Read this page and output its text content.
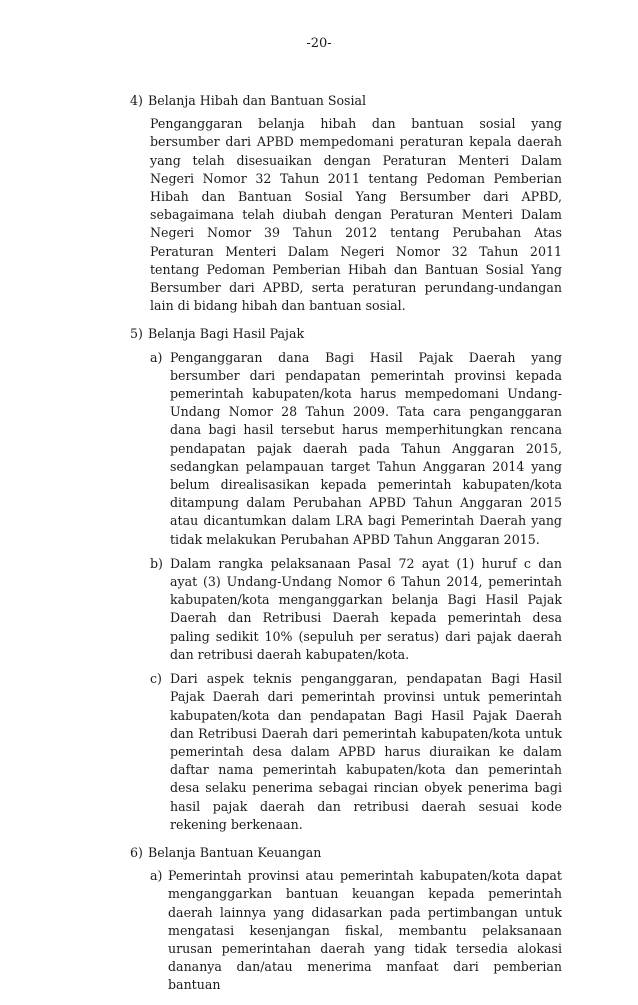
-20-
4) Belanja Hibah dan Bantuan Sosial
Penganggaran belanja hibah dan bantuan sosial yang bersumber dari APBD mempedomani peraturan kepala daerah yang telah disesuaikan dengan Peraturan Menteri Dalam Negeri Nomor 32 Tahun 2011 tentang Pedoman Pemberian Hibah dan Bantuan Sosial Yang Bersumber dari APBD, sebagaimana telah diubah dengan Peraturan Menteri Dalam Negeri Nomor 39 Tahun 2012 tentang Perubahan Atas Peraturan Menteri Dalam Negeri Nomor 32 Tahun 2011 tentang Pedoman Pemberian Hibah dan Bantuan Sosial Yang Bersumber dari APBD, serta peraturan perundang-undangan lain di bidang hibah dan bantuan sosial.
5) Belanja Bagi Hasil Pajak
a) Penganggaran dana Bagi Hasil Pajak Daerah yang bersumber dari pendapatan pemerintah provinsi kepada pemerintah kabupaten/kota harus mempedomani Undang-Undang Nomor 28 Tahun 2009. Tata cara penganggaran dana bagi hasil tersebut harus memperhitungkan rencana pendapatan pajak daerah pada Tahun Anggaran 2015, sedangkan pelampauan target Tahun Anggaran 2014 yang belum direalisasikan kepada pemerintah kabupaten/kota ditampung dalam Perubahan APBD Tahun Anggaran 2015 atau dicantumkan dalam LRA bagi Pemerintah Daerah yang tidak melakukan Perubahan APBD Tahun Anggaran 2015.
b) Dalam rangka pelaksanaan Pasal 72 ayat (1) huruf c dan ayat (3) Undang-Undang Nomor 6 Tahun 2014, pemerintah kabupaten/kota menganggarkan belanja Bagi Hasil Pajak Daerah dan Retribusi Daerah kepada pemerintah desa paling sedikit 10% (sepuluh per seratus) dari pajak daerah dan retribusi daerah kabupaten/kota.
c) Dari aspek teknis penganggaran, pendapatan Bagi Hasil Pajak Daerah dari pemerintah provinsi untuk pemerintah kabupaten/kota dan pendapatan Bagi Hasil Pajak Daerah dan Retribusi Daerah dari pemerintah kabupaten/kota untuk pemerintah desa dalam APBD harus diuraikan ke dalam daftar nama pemerintah kabupaten/kota dan pemerintah desa selaku penerima sebagai rincian obyek penerima bagi hasil pajak daerah dan retribusi daerah sesuai kode rekening berkenaan.
6) Belanja Bantuan Keuangan
a) Pemerintah provinsi atau pemerintah kabupaten/kota dapat menganggarkan bantuan keuangan kepada pemerintah daerah lainnya yang didasarkan pada pertimbangan untuk mengatasi kesenjangan fiskal, membantu pelaksanaan urusan pemerintahan daerah yang tidak tersedia alokasi dananya dan/atau menerima manfaat dari pemberian bantuan
